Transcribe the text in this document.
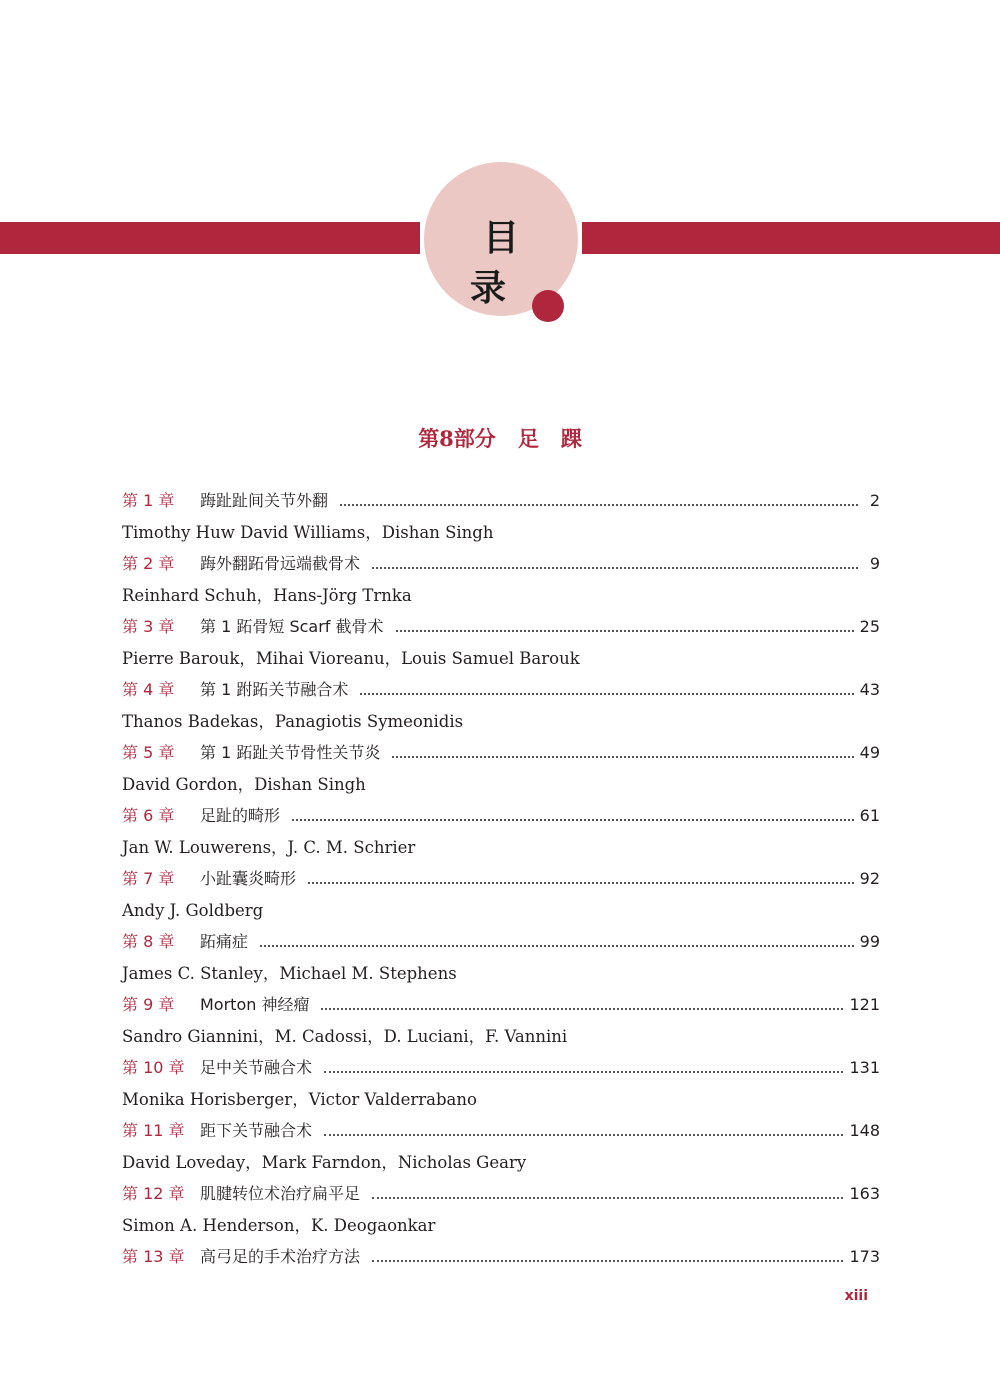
目 录
第8部分 足 踝
第 1 章	踇趾趾间关节外翻	2
Timothy Huw David Williams，Dishan Singh
第 2 章	踇外翻跖骨远端截骨术	9
Reinhard Schuh，Hans-Jörg Trnka
第 3 章	第 1 跖骨短 Scarf 截骨术	25
Pierre Barouk，Mihai Vioreanu，Louis Samuel Barouk
第 4 章	第 1 跗跖关节融合术	43
Thanos Badekas，Panagiotis Symeonidis
第 5 章	第 1 跖趾关节骨性关节炎	49
David Gordon，Dishan Singh
第 6 章	足趾的畸形	61
Jan W. Louwerens，J. C. M. Schrier
第 7 章	小趾囊炎畸形	92
Andy J. Goldberg
第 8 章	跖痛症	99
James C. Stanley，Michael M. Stephens
第 9 章	Morton 神经瘤	121
Sandro Giannini，M. Cadossi，D. Luciani，F. Vannini
第 10 章 足中关节融合术	131
Monika Horisberger，Victor Valderrabano
第 11 章 距下关节融合术	148
David Loveday，Mark Farndon，Nicholas Geary
第 12 章 肌腱转位术治疗扁平足	163
Simon A. Henderson，K. Deogaonkar
第 13 章 高弓足的手术治疗方法	173
xiii
